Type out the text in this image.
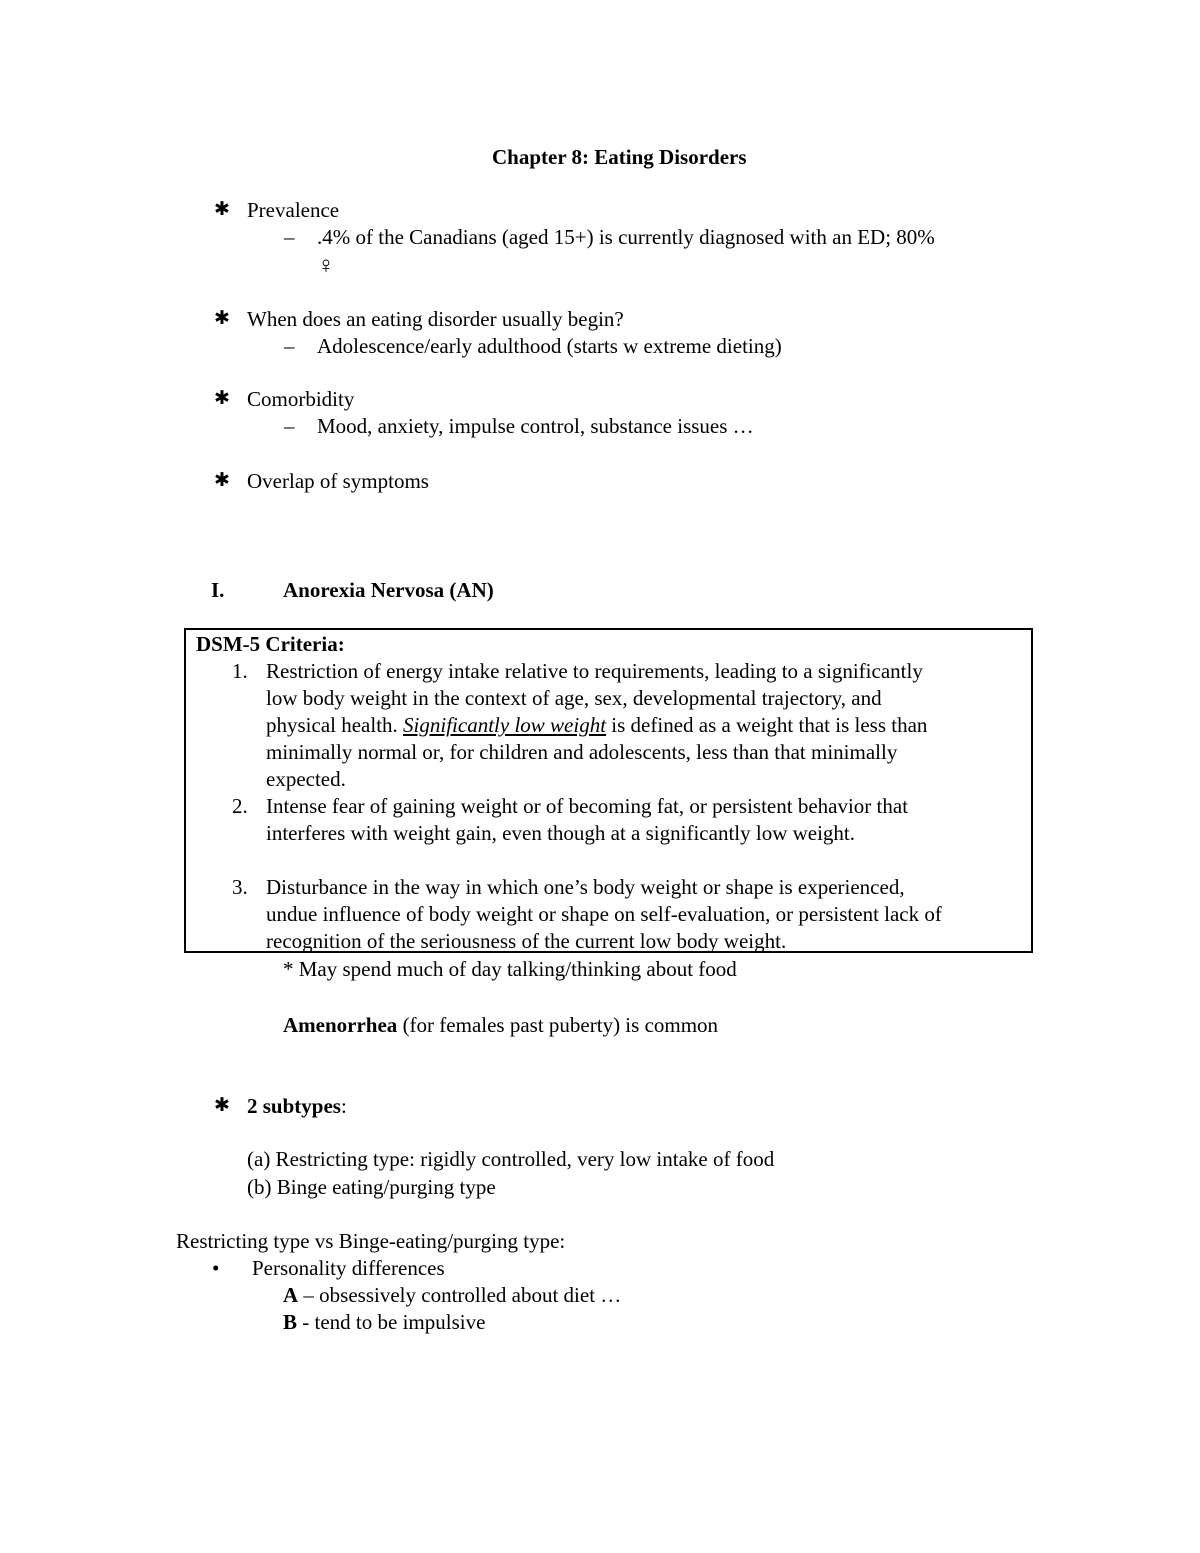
Chapter 8: Eating Disorders
✱ Prevalence
– .4% of the Canadians (aged 15+) is currently diagnosed with an ED; 80%
♀
✱ When does an eating disorder usually begin?
– Adolescence/early adulthood (starts w extreme dieting)
✱ Comorbidity
– Mood, anxiety, impulse control, substance issues …
✱ Overlap of symptoms
I.	Anorexia Nervosa (AN)
DSM-5 Criteria:
1. Restriction of energy intake relative to requirements, leading to a significantly
low body weight in the context of age, sex, developmental trajectory, and
physical health. Significantly low weight is defined as a weight that is less than
minimally normal or, for children and adolescents, less than that minimally
expected.
2. Intense fear of gaining weight or of becoming fat, or persistent behavior that
interferes with weight gain, even though at a significantly low weight.
3. Disturbance in the way in which one’s body weight or shape is experienced,
undue influence of body weight or shape on self-evaluation, or persistent lack of
recognition of the seriousness of the current low body weight.
* May spend much of day talking/thinking about food
Amenorrhea (for females past puberty) is common
✱ 2 subtypes:
(a) Restricting type: rigidly controlled, very low intake of food
(b) Binge eating/purging type
Restricting type vs Binge-eating/purging type:
• Personality differences
A – obsessively controlled about diet …
B - tend to be impulsive
